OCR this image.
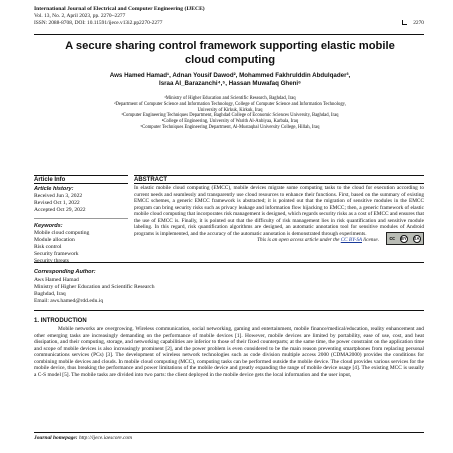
International Journal of Electrical and Computer Engineering (IJECE)
Vol. 13, No. 2, April 2023, pp. 2270~2277
ISSN: 2088-8708, DOI: 10.11591/ijece.v13i2.pp2270-2277	2270
A secure sharing control framework supporting elastic mobile cloud computing
Aws Hamed Hamad¹, Adnan Yousif Dawod², Mohammed Fakhrulddin Abdulqader³,
Israa Al_Barazanchi⁴,⁵, Hassan Muwafaq Gheni⁶
¹Ministry of Higher Education and Scientific Research, Baghdad, Iraq
²Department of Computer Science and Information Technology, College of Computer Science and Information Technology,
University of Kirkuk, Kirkuk, Iraq
³Computer Engineering Techniques Department, Baghdad College of Economic Sciences University, Baghdad, Iraq
⁴College of Engineering, University of Warith Al-Anbiyaa, Karbala, Iraq
⁵Computer Techniques Engineering Department, Al-Mustaqbal University College, Hillah, Iraq
Article Info	ABSTRACT
Article history:
Received Jun 3, 2022
Revised Oct 1, 2022
Accepted Oct 29, 2022
Keywords:
Mobile cloud computing
Module allocation
Risk control
Security framework
Security threats
In elastic mobile cloud computing (EMCC), mobile devices migrate some computing tasks to the cloud for execution according to current needs and seamlessly and transparently use cloud resources to enhance their functions. First, based on the summary of existing EMCC schemes, a generic EMCC framework is abstracted; it is pointed out that the migration of sensitive modules in the EMCC program can bring security risks such as privacy leakage and information flow hijacking to EMCC; then, a generic framework of elastic mobile cloud computing that incorporates risk management is designed, which regards security risks as a cost of EMCC and ensures that the use of EMCC is. Finally, it is pointed out that the difficulty of risk management lies in risk quantification and sensitive module labeling. In this regard, risk quantification algorithms are designed, an automatic annotation tool for sensitive modules of Android programs is implemented, and the accuracy of the automatic annotation is demonstrated through experiments.
This is an open access article under the CC BY-SA license. cc BY SA
Corresponding Author:
Aws Hamed Hamad
Ministry of Higher Education and Scientific Research
Baghdad, Iraq
Email: aws.hamed@rdd.edu.iq
1. INTRODUCTION
Mobile networks are overgrowing. Wireless communication, social networking, gaming and entertainment, mobile finance/medical/education, reality enhancement and other emerging tasks are increasingly demanding on the performance of mobile devices [1]. However, mobile devices are limited by portability, ease of use, cost, and heat dissipation, and their computing, storage, and networking capabilities are inferior to those of their fixed counterparts; at the same time, the power constraint on the application time and scope of mobile devices is also increasingly prominent [2], and the power problem is even considered to be the main reason preventing smartphones from replacing personal communications services (PCs) [3]. The development of wireless network technologies such as code division multiple access 2000 (CDMA2000) provides the conditions for combining mobile devices and clouds. In mobile cloud computing (MCC), computing tasks can be performed outside the mobile device. The cloud provides various services for the mobile device, thus breaking the performance and power limitations of the mobile device and greatly expanding the range of mobile device usage [4]. The existing MCC is usually a C-S model [5]. The mobile tasks are divided into two parts: the client deployed in the mobile device gets the local information and the user input,
Journal homepage: http://ijece.iaescore.com
